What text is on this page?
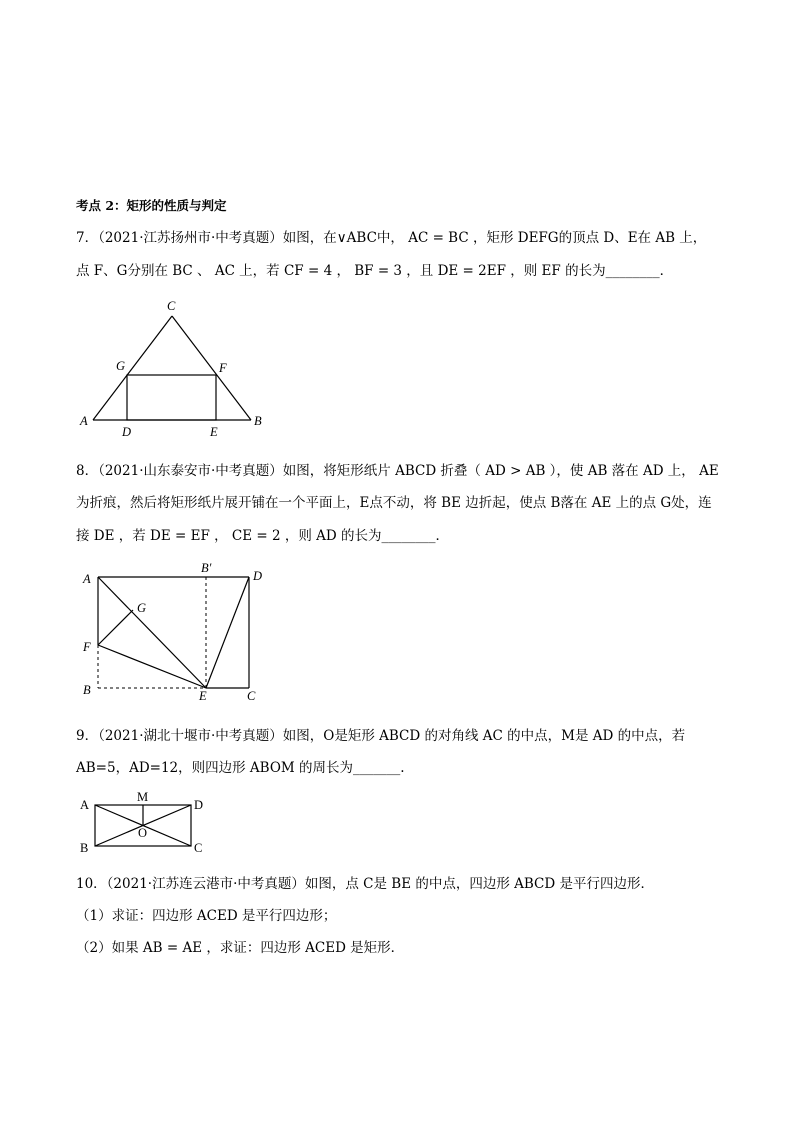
考点 2：矩形的性质与判定
7．（2021·江苏扬州市·中考真题）如图，在∨ABC中， AC = BC ，矩形 DEFG的顶点 D、E在 AB 上，
点 F、G分别在 BC 、 AC 上，若 CF = 4 ， BF = 3 ，且 DE = 2EF ，则 EF 的长为________．
C
G	F
A
D	E
B
8．（2021·山东泰安市·中考真题）如图，将矩形纸片 ABCD 折叠（ AD > AB ），使 AB 落在 AD 上， AE
为折痕，然后将矩形纸片展开铺在一个平面上，E点不动，将 BE 边折起，使点 B落在 AE 上的点 G处，连
接 DE ，若 DE = EF ， CE = 2 ，则 AD 的长为________．
A
B′
D
G
F
B	E	C
9．（2021·湖北十堰市·中考真题）如图，O是矩形 ABCD 的对角线 AC 的中点，M是 AD 的中点，若
AB=5，AD=12，则四边形 ABOM 的周长为_______.
A
M
D
O
B	C
10．（2021·江苏连云港市·中考真题）如图，点 C是 BE 的中点，四边形 ABCD 是平行四边形．
（1）求证：四边形 ACED 是平行四边形；
（2）如果 AB = AE ，求证：四边形 ACED 是矩形．
